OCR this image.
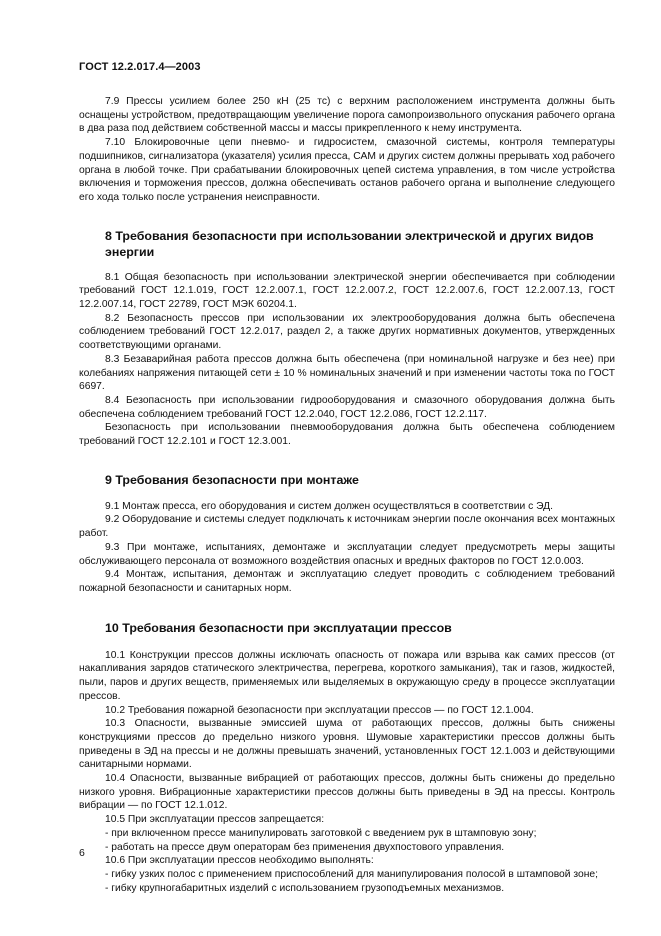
ГОСТ 12.2.017.4—2003

7.9 Прессы усилием более 250 кН (25 тс) с верхним расположением инструмента должны быть оснащены устройством, предотвращающим увеличение порога самопроизвольного опускания рабочего органа в два раза под действием собственной массы и массы прикрепленного к нему инструмента.

7.10 Блокировочные цепи пневмо- и гидросистем, смазочной системы, контроля температуры подшипников, сигнализатора (указателя) усилия пресса, САМ и других систем должны прерывать ход рабочего органа в любой точке. При срабатывании блокировочных цепей система управления, в том числе устройства включения и торможения прессов, должна обеспечивать останов рабочего органа и выполнение следующего его хода только после устранения неисправности.

8 Требования безопасности при использовании электрической и других видов энергии

8.1 Общая безопасность при использовании электрической энергии обеспечивается при соблюдении требований ГОСТ 12.1.019, ГОСТ 12.2.007.1, ГОСТ 12.2.007.2, ГОСТ 12.2.007.6, ГОСТ 12.2.007.13, ГОСТ 12.2.007.14, ГОСТ 22789, ГОСТ МЭК 60204.1.

8.2 Безопасность прессов при использовании их электрооборудования должна быть обеспечена соблюдением требований ГОСТ 12.2.017, раздел 2, а также других нормативных документов, утвержденных соответствующими органами.

8.3 Безаварийная работа прессов должна быть обеспечена (при номинальной нагрузке и без нее) при колебаниях напряжения питающей сети ± 10 % номинальных значений и при изменении частоты тока по ГОСТ 6697.

8.4 Безопасность при использовании гидрооборудования и смазочного оборудования должна быть обеспечена соблюдением требований ГОСТ 12.2.040, ГОСТ 12.2.086, ГОСТ 12.2.117.

Безопасность при использовании пневмооборудования должна быть обеспечена соблюдением требований ГОСТ 12.2.101 и ГОСТ 12.3.001.

9 Требования безопасности при монтаже

9.1 Монтаж пресса, его оборудования и систем должен осуществляться в соответствии с ЭД.

9.2 Оборудование и системы следует подключать к источникам энергии после окончания всех монтажных работ.

9.3 При монтаже, испытаниях, демонтаже и эксплуатации следует предусмотреть меры защиты обслуживающего персонала от возможного воздействия опасных и вредных факторов по ГОСТ 12.0.003.

9.4 Монтаж, испытания, демонтаж и эксплуатацию следует проводить с соблюдением требований пожарной безопасности и санитарных норм.

10 Требования безопасности при эксплуатации прессов

10.1 Конструкции прессов должны исключать опасность от пожара или взрыва как самих прессов (от накапливания зарядов статического электричества, перегрева, короткого замыкания), так и газов, жидкостей, пыли, паров и других веществ, применяемых или выделяемых в окружающую среду в процессе эксплуатации прессов.

10.2 Требования пожарной безопасности при эксплуатации прессов — по ГОСТ 12.1.004.

10.3 Опасности, вызванные эмиссией шума от работающих прессов, должны быть снижены конструкциями прессов до предельно низкого уровня. Шумовые характеристики прессов должны быть приведены в ЭД на прессы и не должны превышать значений, установленных ГОСТ 12.1.003 и действующими санитарными нормами.

10.4 Опасности, вызванные вибрацией от работающих прессов, должны быть снижены до предельно низкого уровня. Вибрационные характеристики прессов должны быть приведены в ЭД на прессы. Контроль вибрации — по ГОСТ 12.1.012.

10.5 При эксплуатации прессов запрещается:

- при включенном прессе манипулировать заготовкой с введением рук в штамповую зону;

- работать на прессе двум операторам без применения двухпостового управления.

10.6 При эксплуатации прессов необходимо выполнять:

- гибку узких полос с применением приспособлений для манипулирования полосой в штамповой зоне;

- гибку крупногабаритных изделий с использованием грузоподъемных механизмов.

6
